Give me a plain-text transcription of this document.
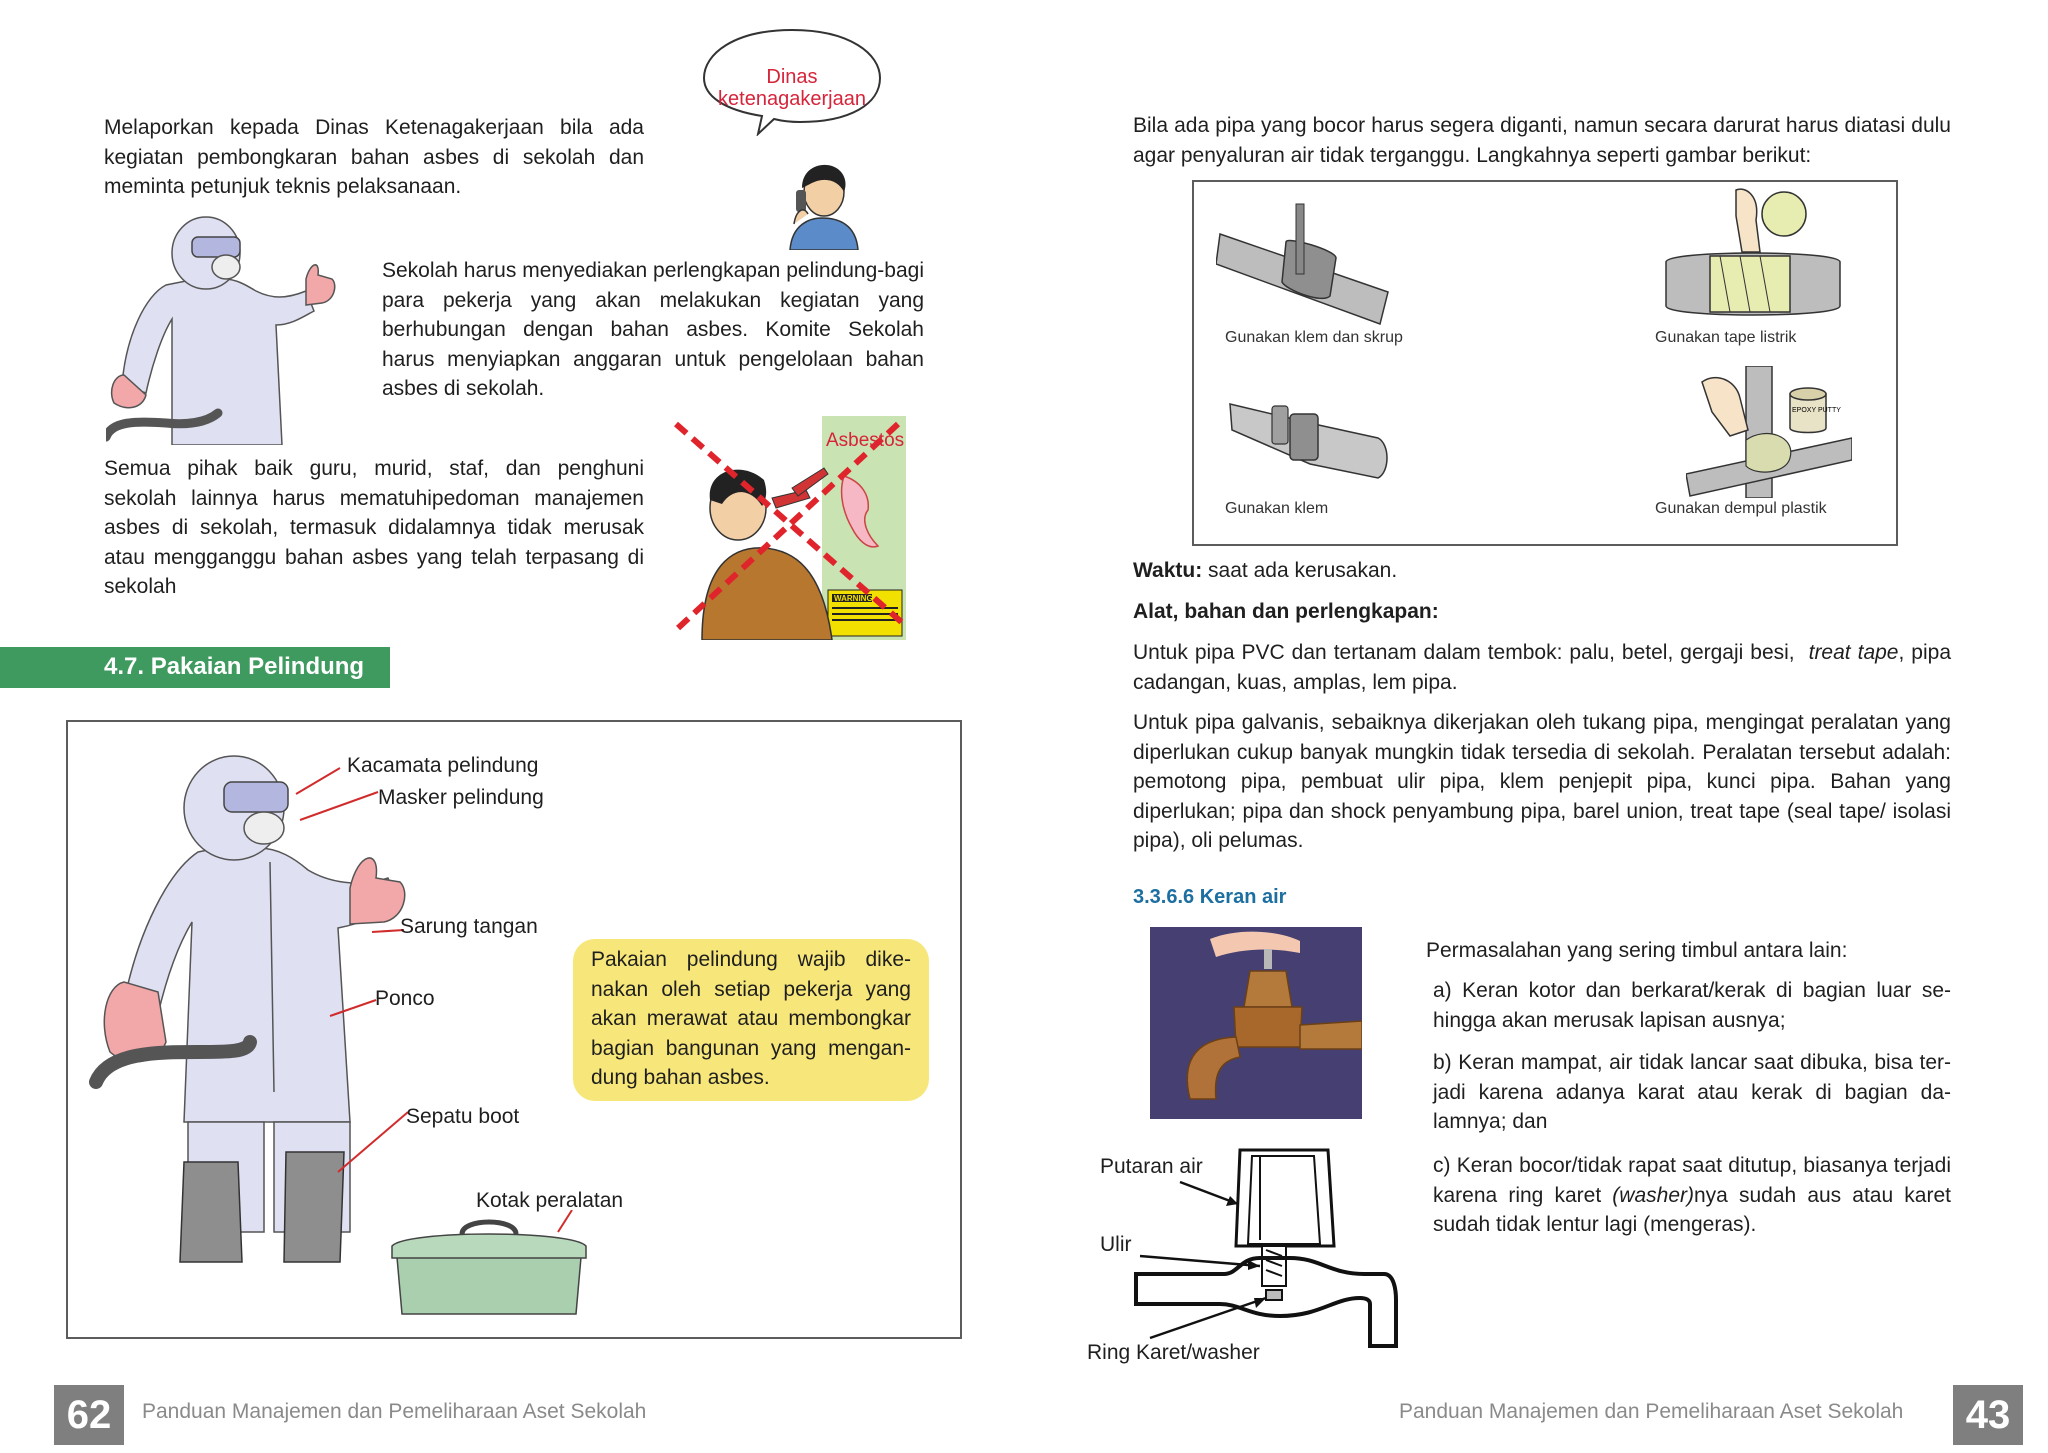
Dinas ketenagakerjaan

Melaporkan kepada Dinas Ketenagakerjaan bila ada kegiatan pembongkaran bahan asbes di sekolah dan meminta petunjuk teknis pelaksanaan.

Sekolah harus menyediakan perlengkapan pelindung-bagi para pekerja yang akan melakukan kegiatan yang berhubungan dengan bahan asbes. Komite Sekolah harus menyiapkan anggaran untuk pengelolaan bahan asbes di sekolah.

Semua pihak baik guru, murid, staf, dan penghuni sekolah lainnya harus mematuhipedoman manajemen asbes di sekolah, termasuk didalamnya tidak merusak atau mengganggu bahan asbes yang telah terpasang di sekolah

Asbestos
WARNING
4.7. Pakaian Pelindung
Kacamata pelindung
Masker pelindung
Sarung tangan
Ponco
Sepatu boot
Kotak peralatan

Pakaian pelindung wajib dike-nakan oleh setiap pekerja yang akan merawat atau membongkar bagian bangunan yang mengan-dung bahan asbes.

62	Panduan Manajemen dan Pemeliharaan Aset Sekolah

Bila ada pipa yang bocor harus segera diganti, namun secara darurat harus diatasi dulu agar penyaluran air tidak terganggu. Langkahnya seperti gambar berikut:

Gunakan klem dan skrup	Gunakan tape listrik
Gunakan klem
EPOXY PUTTY
Gunakan dempul plastik

Waktu: saat ada kerusakan.

Alat, bahan dan perlengkapan:

Untuk pipa PVC dan tertanam dalam tembok: palu, betel, gergaji besi, treat tape, pipa cadangan, kuas, amplas, lem pipa.

Untuk pipa galvanis, sebaiknya dikerjakan oleh tukang pipa, mengingat peralatan yang diperlukan cukup banyak mungkin tidak tersedia di sekolah. Peralatan tersebut adalah: pemotong pipa, pembuat ulir pipa, klem penjepit pipa, kunci pipa. Bahan yang diperlukan; pipa dan shock penyambung pipa, barel union, treat tape (seal tape/ isolasi pipa), oli pelumas.

3.3.6.6 Keran air
Putaran air
Ulir
Ring Karet/washer

Permasalahan yang sering timbul antara lain:

a) Keran kotor dan berkarat/kerak di bagian luar se-hingga akan merusak lapisan ausnya;
b) Keran mampat, air tidak lancar saat dibuka, bisa ter-jadi karena adanya karat atau kerak di bagian da-lamnya; dan
c) Keran bocor/tidak rapat saat ditutup, biasanya terjadi karena ring karet (washer)nya sudah aus atau karet sudah tidak lentur lagi (mengeras).
Panduan Manajemen dan Pemeliharaan Aset Sekolah	43
